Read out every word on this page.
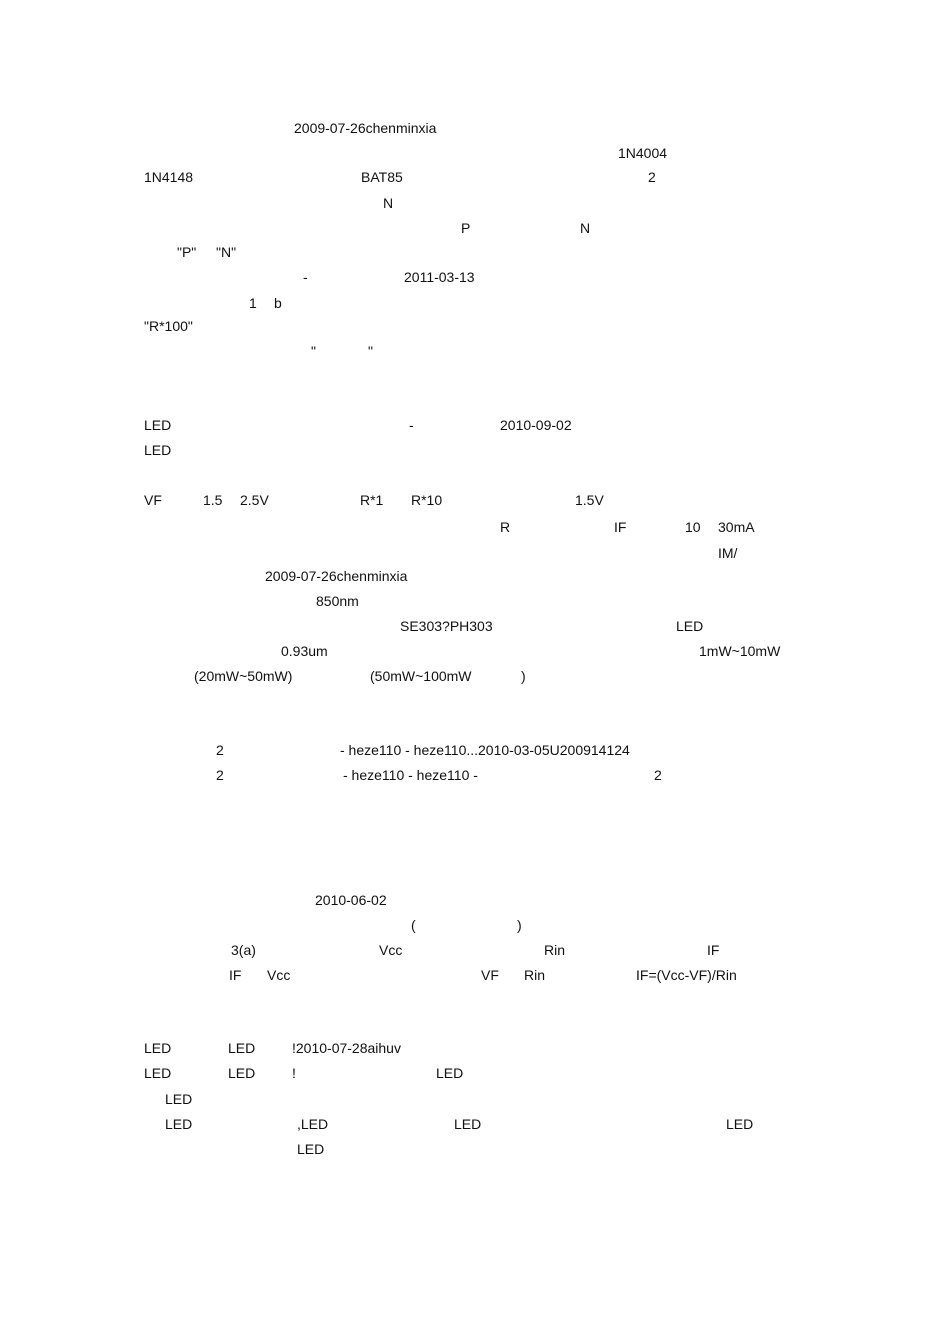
2009-07-26chenminxia
1N4004
1N4148	BAT85	2
N
P	N
"P" "N"
-	2011-03-13
1 b
"R*100"
"	"
LED	-	2010-09-02
LED
VF	1.5 2.5V	R*1 R*10	1.5V
R	IF	10 30mA
IM/
2009-07-26chenminxia
850nm
SE303?PH303	LED
0.93um	1mW~10mW
(20mW~50mW)	(50mW~100mW	)
2	- heze110 - heze110...2010-03-05U200914124
2	- heze110 - heze110 -	2
2010-06-02
(	)
3(a)	Vcc	Rin	IF
IF Vcc	VF Rin	IF=(Vcc-VF)/Rin
LED	LED	!2010-07-28aihuv
LED	LED	!	LED
LED
LED	,LED	LED	LED
LED
